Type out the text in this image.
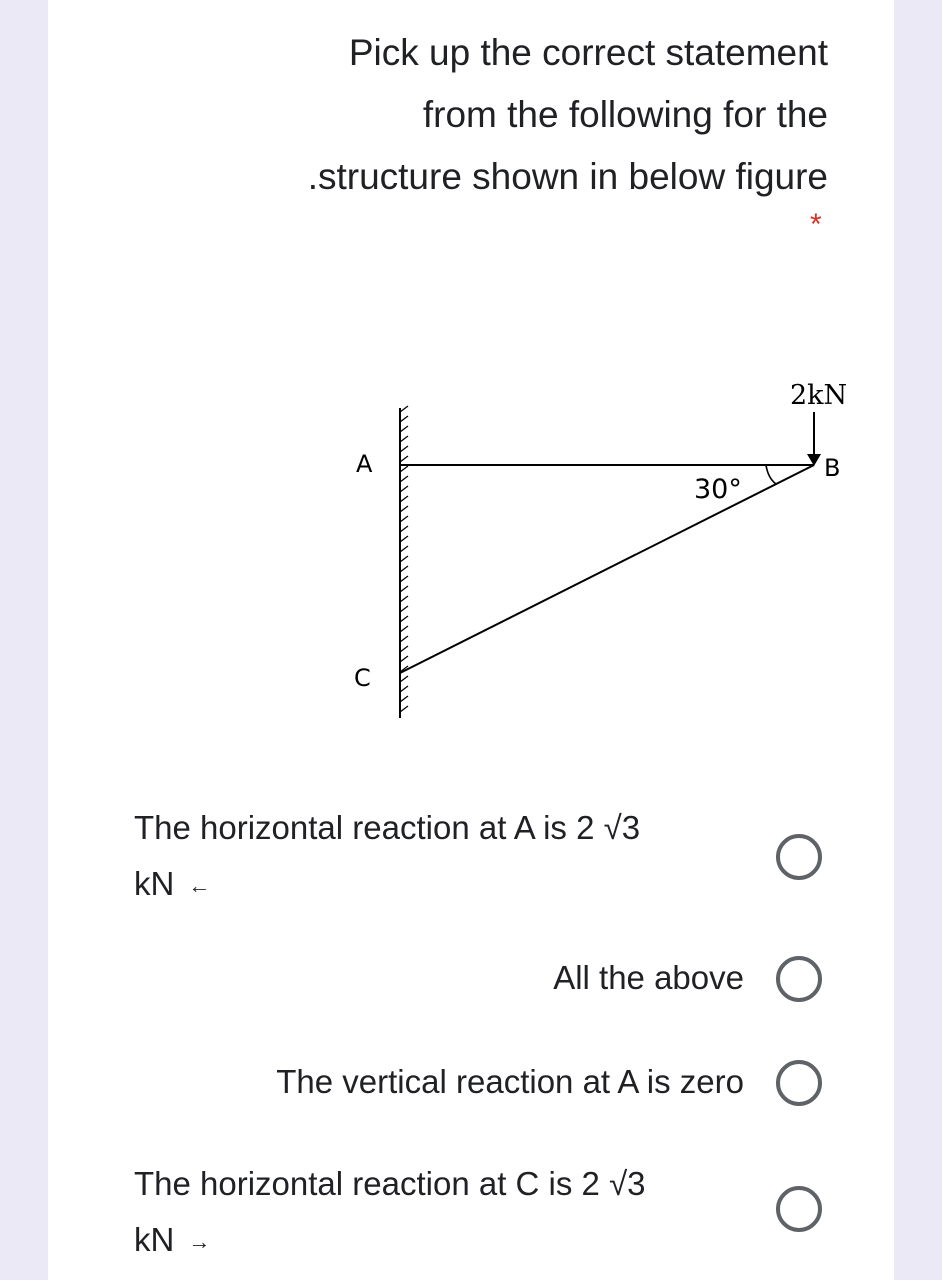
Pick up the correct statement
from the following for the
.structure shown in below figure
*
2kN
A	B
C
30°
The horizontal reaction at A is 2 √3
kN ←
All the above
The vertical reaction at A is zero
The horizontal reaction at C is 2 √3
kN →
